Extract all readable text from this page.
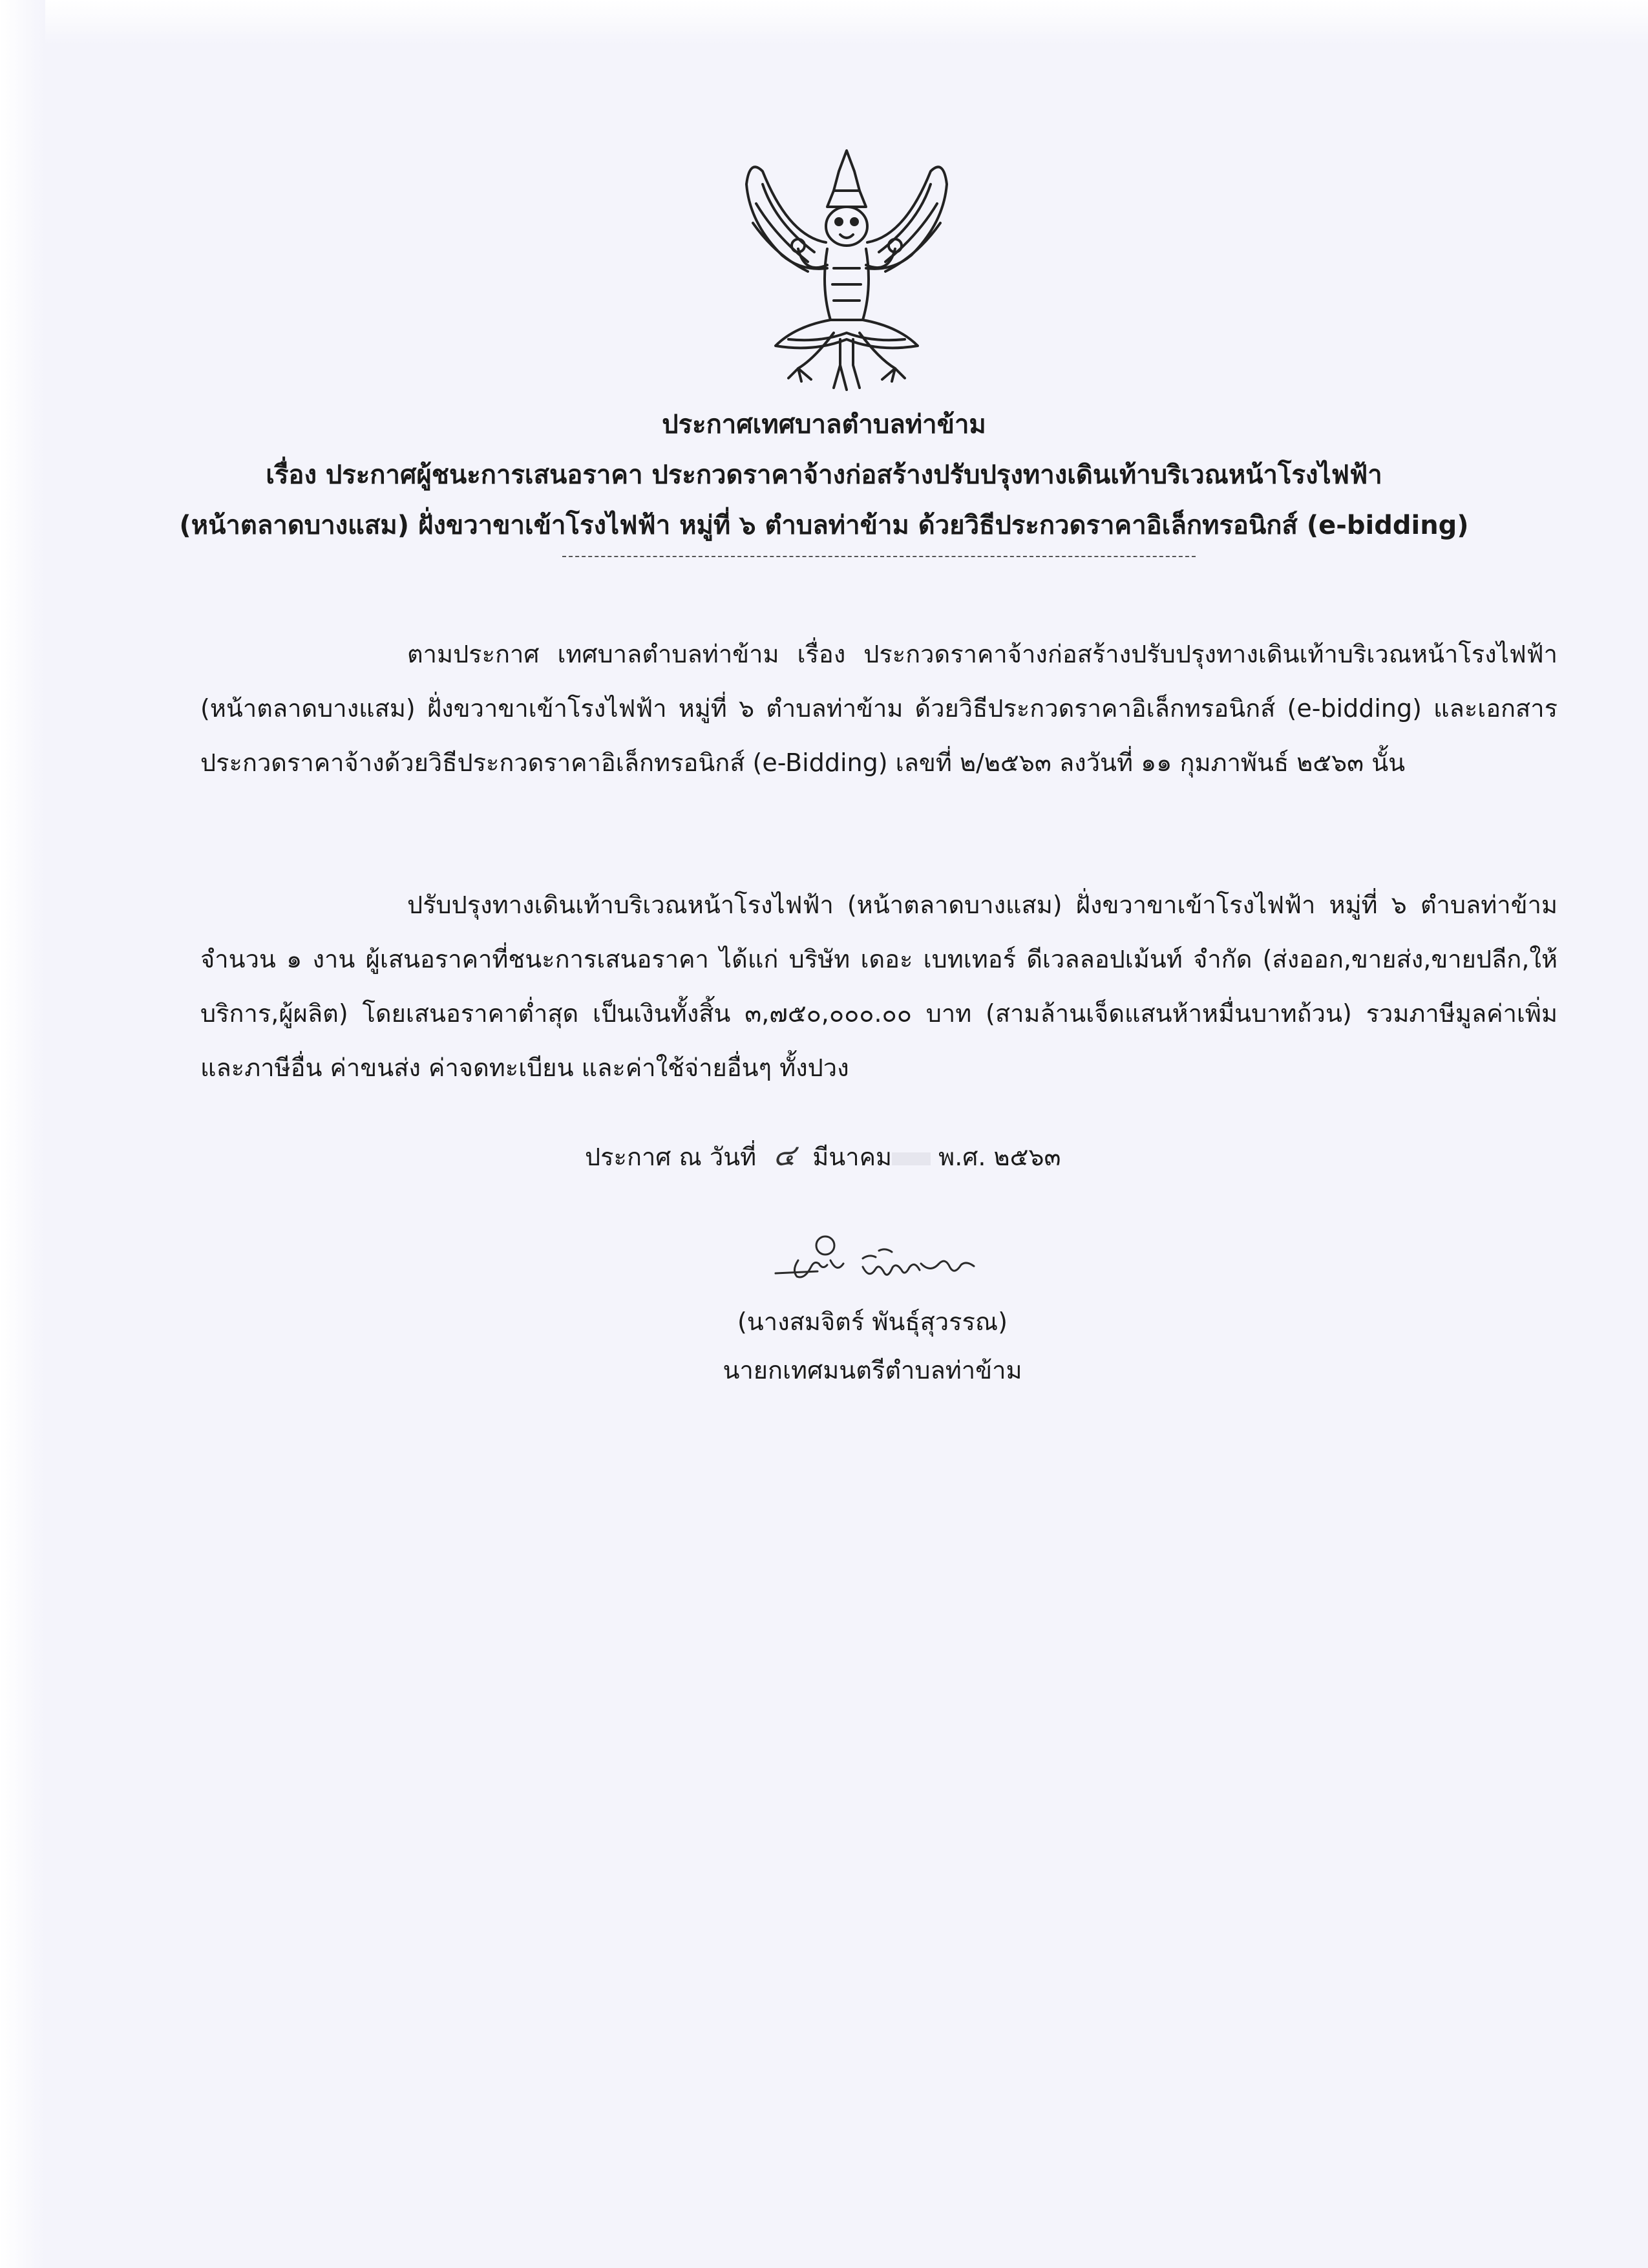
ประกาศเทศบาลตำบลท่าข้าม
เรื่อง ประกาศผู้ชนะการเสนอราคา ประกวดราคาจ้างก่อสร้างปรับปรุงทางเดินเท้าบริเวณหน้าโรงไฟฟ้า
(หน้าตลาดบางแสม) ฝั่งขวาขาเข้าโรงไฟฟ้า หมู่ที่ ๖ ตำบลท่าข้าม ด้วยวิธีประกวดราคาอิเล็กทรอนิกส์ (e-bidding)
ตามประกาศ เทศบาลตำบลท่าข้าม เรื่อง ประกวดราคาจ้างก่อสร้างปรับปรุงทางเดินเท้าบริเวณหน้าโรงไฟฟ้า (หน้าตลาดบางแสม) ฝั่งขวาขาเข้าโรงไฟฟ้า หมู่ที่ ๖ ตำบลท่าข้าม ด้วยวิธีประกวดราคาอิเล็กทรอนิกส์ (e-bidding) และเอกสารประกวดราคาจ้างด้วยวิธีประกวดราคาอิเล็กทรอนิกส์ (e-Bidding) เลขที่ ๒/๒๕๖๓ ลงวันที่ ๑๑ กุมภาพันธ์ ๒๕๖๓ นั้น
ปรับปรุงทางเดินเท้าบริเวณหน้าโรงไฟฟ้า (หน้าตลาดบางแสม) ฝั่งขวาขาเข้าโรงไฟฟ้า หมู่ที่ ๖ ตำบลท่าข้าม จำนวน ๑ งาน ผู้เสนอราคาที่ชนะการเสนอราคา ได้แก่ บริษัท เดอะ เบทเทอร์ ดีเวลลอปเม้นท์ จำกัด (ส่งออก,ขายส่ง,ขายปลีก,ให้บริการ,ผู้ผลิต) โดยเสนอราคาต่ำสุด เป็นเงินทั้งสิ้น ๓,๗๕๐,๐๐๐.๐๐ บาท (สามล้านเจ็ดแสนห้าหมื่นบาทถ้วน) รวมภาษีมูลค่าเพิ่มและภาษีอื่น ค่าขนส่ง ค่าจดทะเบียน และค่าใช้จ่ายอื่นๆ ทั้งปวง
ประกาศ ณ วันที่ ๔ มีนาคม พ.ศ. ๒๕๖๓
(นางสมจิตร์ พันธุ์สุวรรณ)
นายกเทศมนตรีตำบลท่าข้าม
